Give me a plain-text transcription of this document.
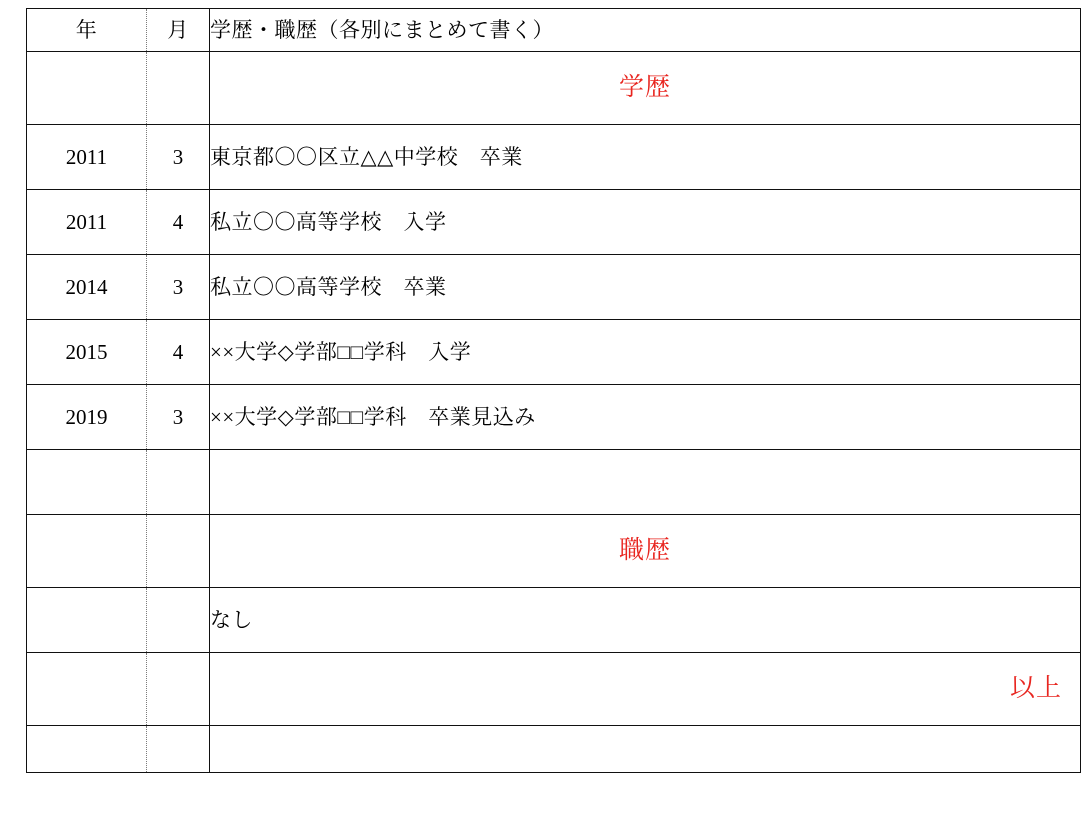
年	月	学歴・職歴（各別にまとめて書く）

		学歴

2011	3	東京都〇〇区立△△中学校　卒業

2011	4	私立〇〇高等学校　入学

2014	3	私立〇〇高等学校　卒業

2015	4	××大学◇学部□□学科　入学

2019	3	××大学◇学部□□学科　卒業見込み

		職歴

		なし

		以上
